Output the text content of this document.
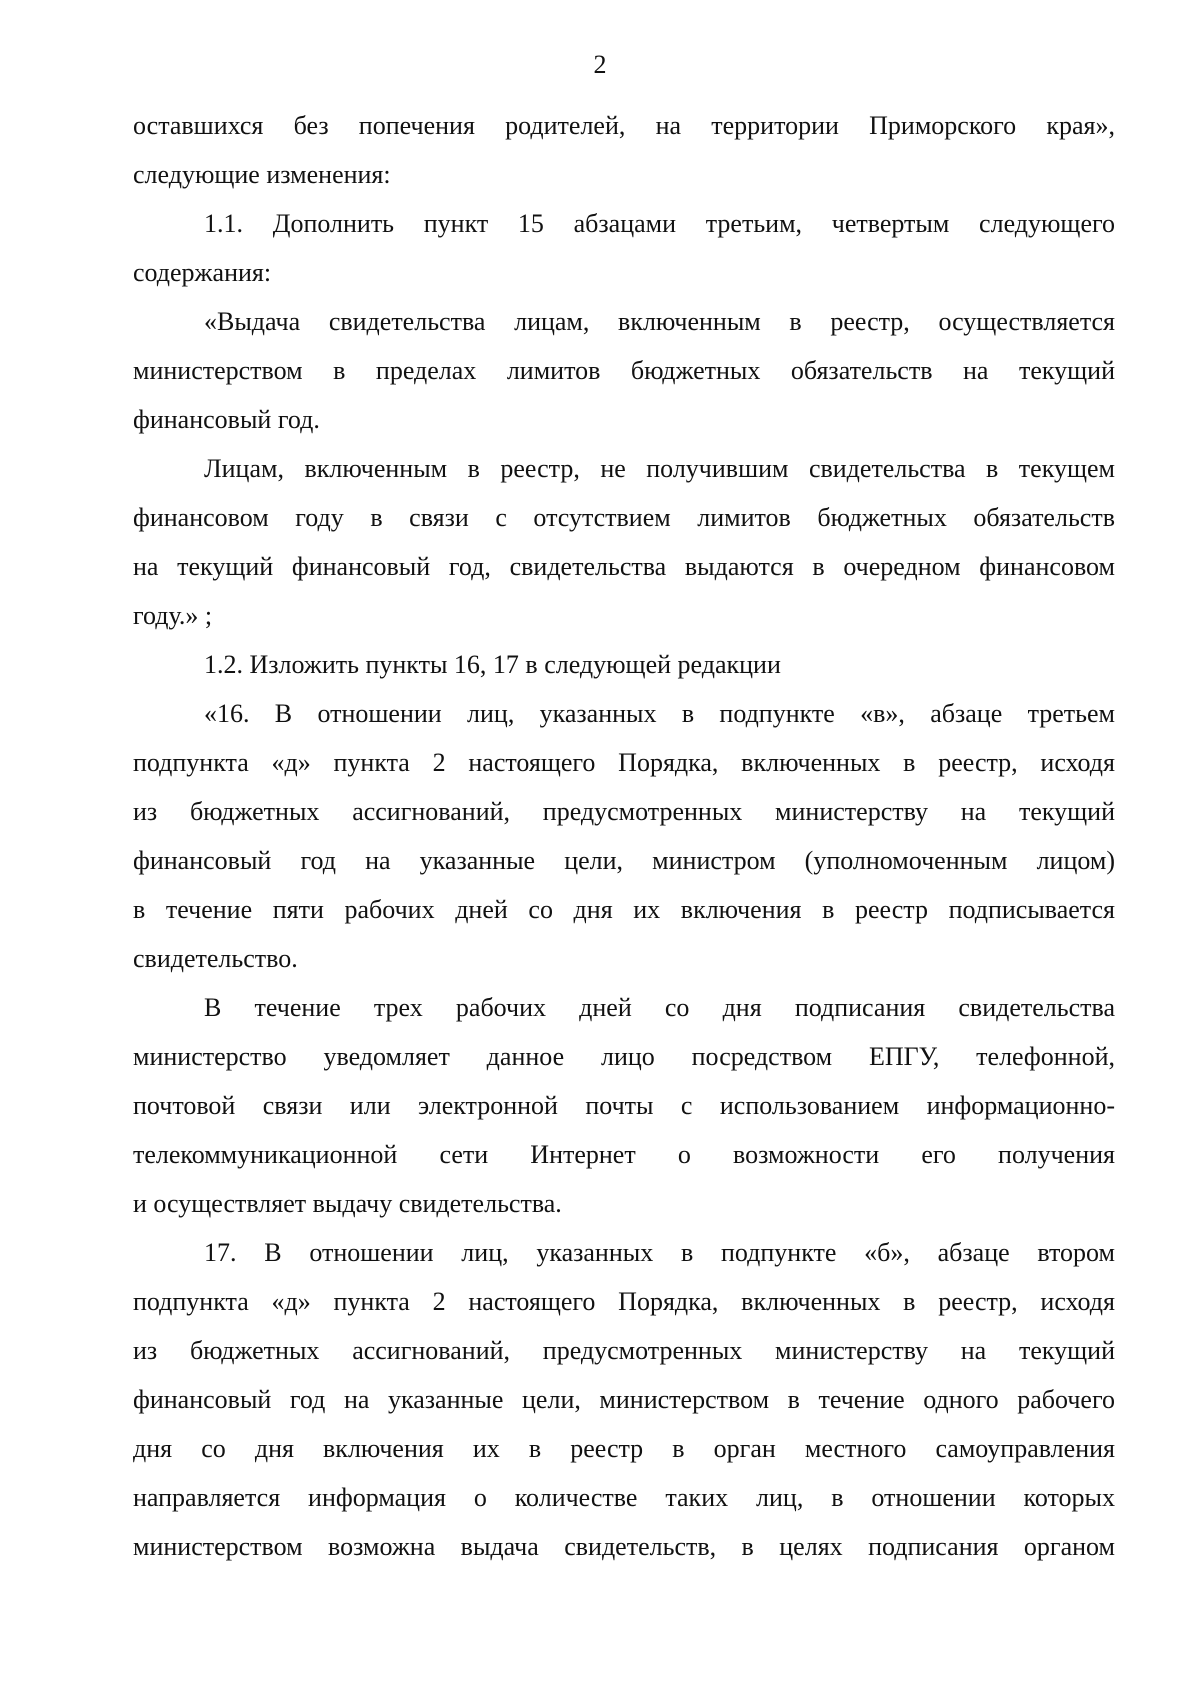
2
оставшихся без попечения родителей, на территории Приморского края»,
следующие изменения:
1.1. Дополнить пункт 15 абзацами третьим, четвертым следующего
содержания:
«Выдача свидетельства лицам, включенным в реестр, осуществляется
министерством в пределах лимитов бюджетных обязательств на текущий
финансовый год.
Лицам, включенным в реестр, не получившим свидетельства в текущем
финансовом году в связи с отсутствием лимитов бюджетных обязательств
на текущий финансовый год, свидетельства выдаются в очередном финансовом
году.» ;
1.2. Изложить пункты 16, 17 в следующей редакции
«16. В отношении лиц, указанных в подпункте «в», абзаце третьем
подпункта «д» пункта 2 настоящего Порядка, включенных в реестр, исходя
из бюджетных ассигнований, предусмотренных министерству на текущий
финансовый год на указанные цели, министром (уполномоченным лицом)
в течение пяти рабочих дней со дня их включения в реестр подписывается
свидетельство.
В течение трех рабочих дней со дня подписания свидетельства
министерство уведомляет данное лицо посредством ЕПГУ, телефонной,
почтовой связи или электронной почты с использованием информационно-
телекоммуникационной сети Интернет о возможности его получения
и осуществляет выдачу свидетельства.
17. В отношении лиц, указанных в подпункте «б», абзаце втором
подпункта «д» пункта 2 настоящего Порядка, включенных в реестр, исходя
из бюджетных ассигнований, предусмотренных министерству на текущий
финансовый год на указанные цели, министерством в течение одного рабочего
дня со дня включения их в реестр в орган местного самоуправления
направляется информация о количестве таких лиц, в отношении которых
министерством возможна выдача свидетельств, в целях подписания органом
